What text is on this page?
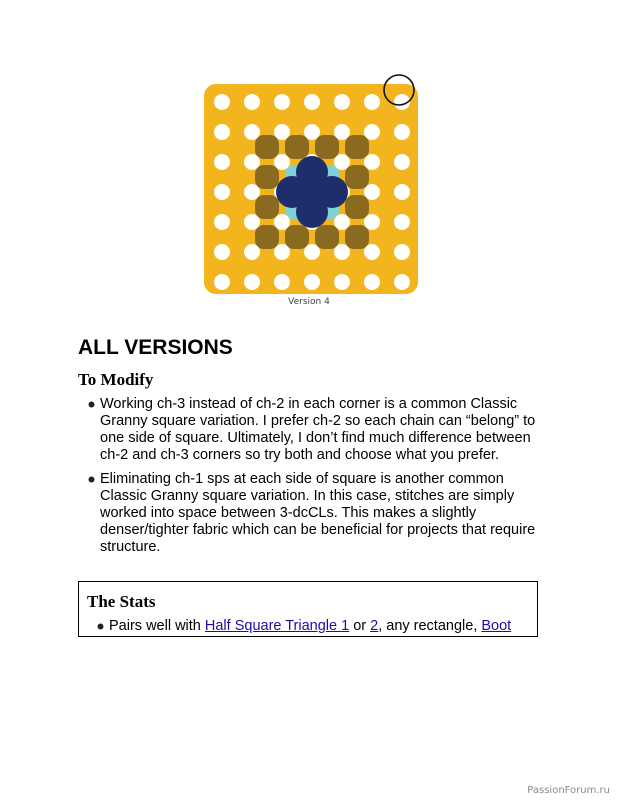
Version 4
ALL VERSIONS
To Modify
Working ch-3 instead of ch-2 in each corner is a common Classic Granny square variation. I prefer ch-2 so each chain can “belong” to one side of square. Ultimately, I don’t find much difference between ch-2 and ch-3 corners so try both and choose what you prefer.
Eliminating ch-1 sps at each side of square is another common Classic Granny square variation. In this case, stitches are simply worked into space between 3-dcCLs. This makes a slightly denser/tighter fabric which can be beneficial for projects that require structure.
The Stats
Pairs well with Half Square Triangle 1 or 2, any rectangle, Boot
PassionForum.ru
